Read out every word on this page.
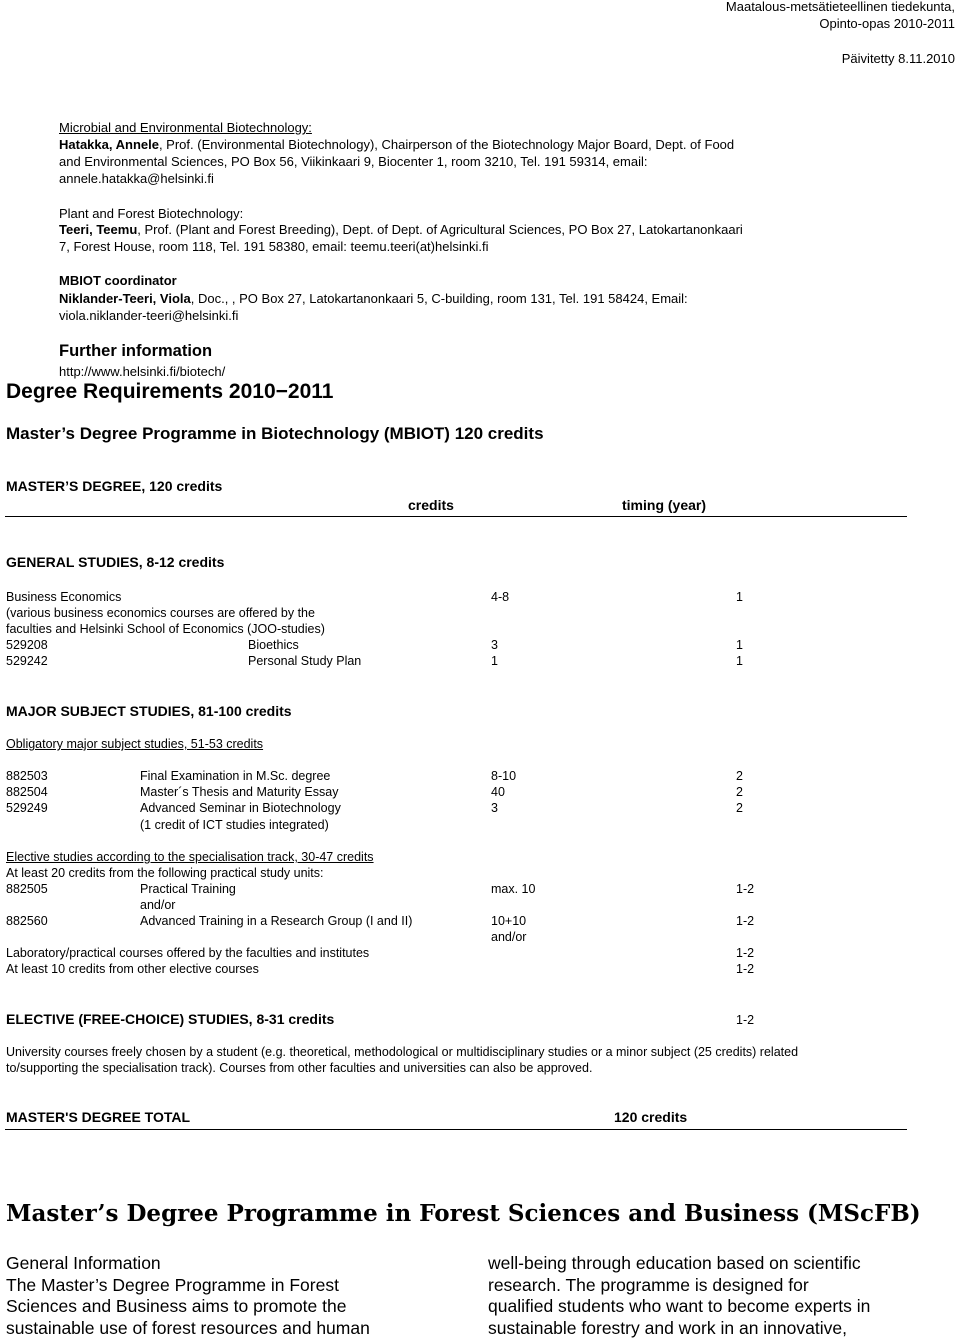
Maatalous-metsätieteellinen tiedekunta,
Opinto-opas 2010-2011
Päivitetty 8.11.2010
Microbial and Environmental Biotechnology:
Hatakka, Annele, Prof. (Environmental Biotechnology), Chairperson of the Biotechnology Major Board, Dept. of Food
and Environmental Sciences, PO Box 56, Viikinkaari 9, Biocenter 1, room 3210, Tel. 191 59314, email:
annele.hatakka@helsinki.fi
Plant and Forest Biotechnology:
Teeri, Teemu, Prof. (Plant and Forest Breeding), Dept. of Dept. of Agricultural Sciences, PO Box 27, Latokartanonkaari
7, Forest House, room 118, Tel. 191 58380, email: teemu.teeri(at)helsinki.fi
MBIOT coordinator
Niklander-Teeri, Viola, Doc., , PO Box 27, Latokartanonkaari 5, C-building, room 131, Tel. 191 58424, Email:
viola.niklander-teeri@helsinki.fi
Further information
http://www.helsinki.fi/biotech/
Degree Requirements 2010−2011
Master’s Degree Programme in Biotechnology (MBIOT) 120 credits
MASTER’S DEGREE, 120 credits
credits	timing (year)
GENERAL STUDIES, 8-12 credits
Business Economics	4-8	1
(various business economics courses are offered by the
faculties and Helsinki School of Economics (JOO-studies)
529208	Bioethics	3	1
529242	Personal Study Plan	1	1
MAJOR SUBJECT STUDIES, 81-100 credits
Obligatory major subject studies, 51-53 credits
882503	Final Examination in M.Sc. degree	8-10	2
882504	Master´s Thesis and Maturity Essay	40	2
529249	Advanced Seminar in Biotechnology	3	2
(1 credit of ICT studies integrated)
Elective studies according to the specialisation track, 30-47 credits
At least 20 credits from the following practical study units:
882505	Practical Training	max. 10	1-2
and/or
882560	Advanced Training in a Research Group (I and II)	10+10	1-2
and/or
Laboratory/practical courses offered by the faculties and institutes	1-2
At least 10 credits from other elective courses	1-2
ELECTIVE (FREE-CHOICE) STUDIES, 8-31 credits	1-2
University courses freely chosen by a student (e.g. theoretical, methodological or multidisciplinary studies or a minor subject (25 credits) related
to/supporting the specialisation track). Courses from other faculties and universities can also be approved.
MASTER'S DEGREE TOTAL	120 credits
Master’s Degree Programme in Forest Sciences and Business (MScFB)
General Information
The Master’s Degree Programme in Forest
Sciences and Business aims to promote the
sustainable use of forest resources and human
well-being through education based on scientific
research. The programme is designed for
qualified students who want to become experts in
sustainable forestry and work in an innovative,
